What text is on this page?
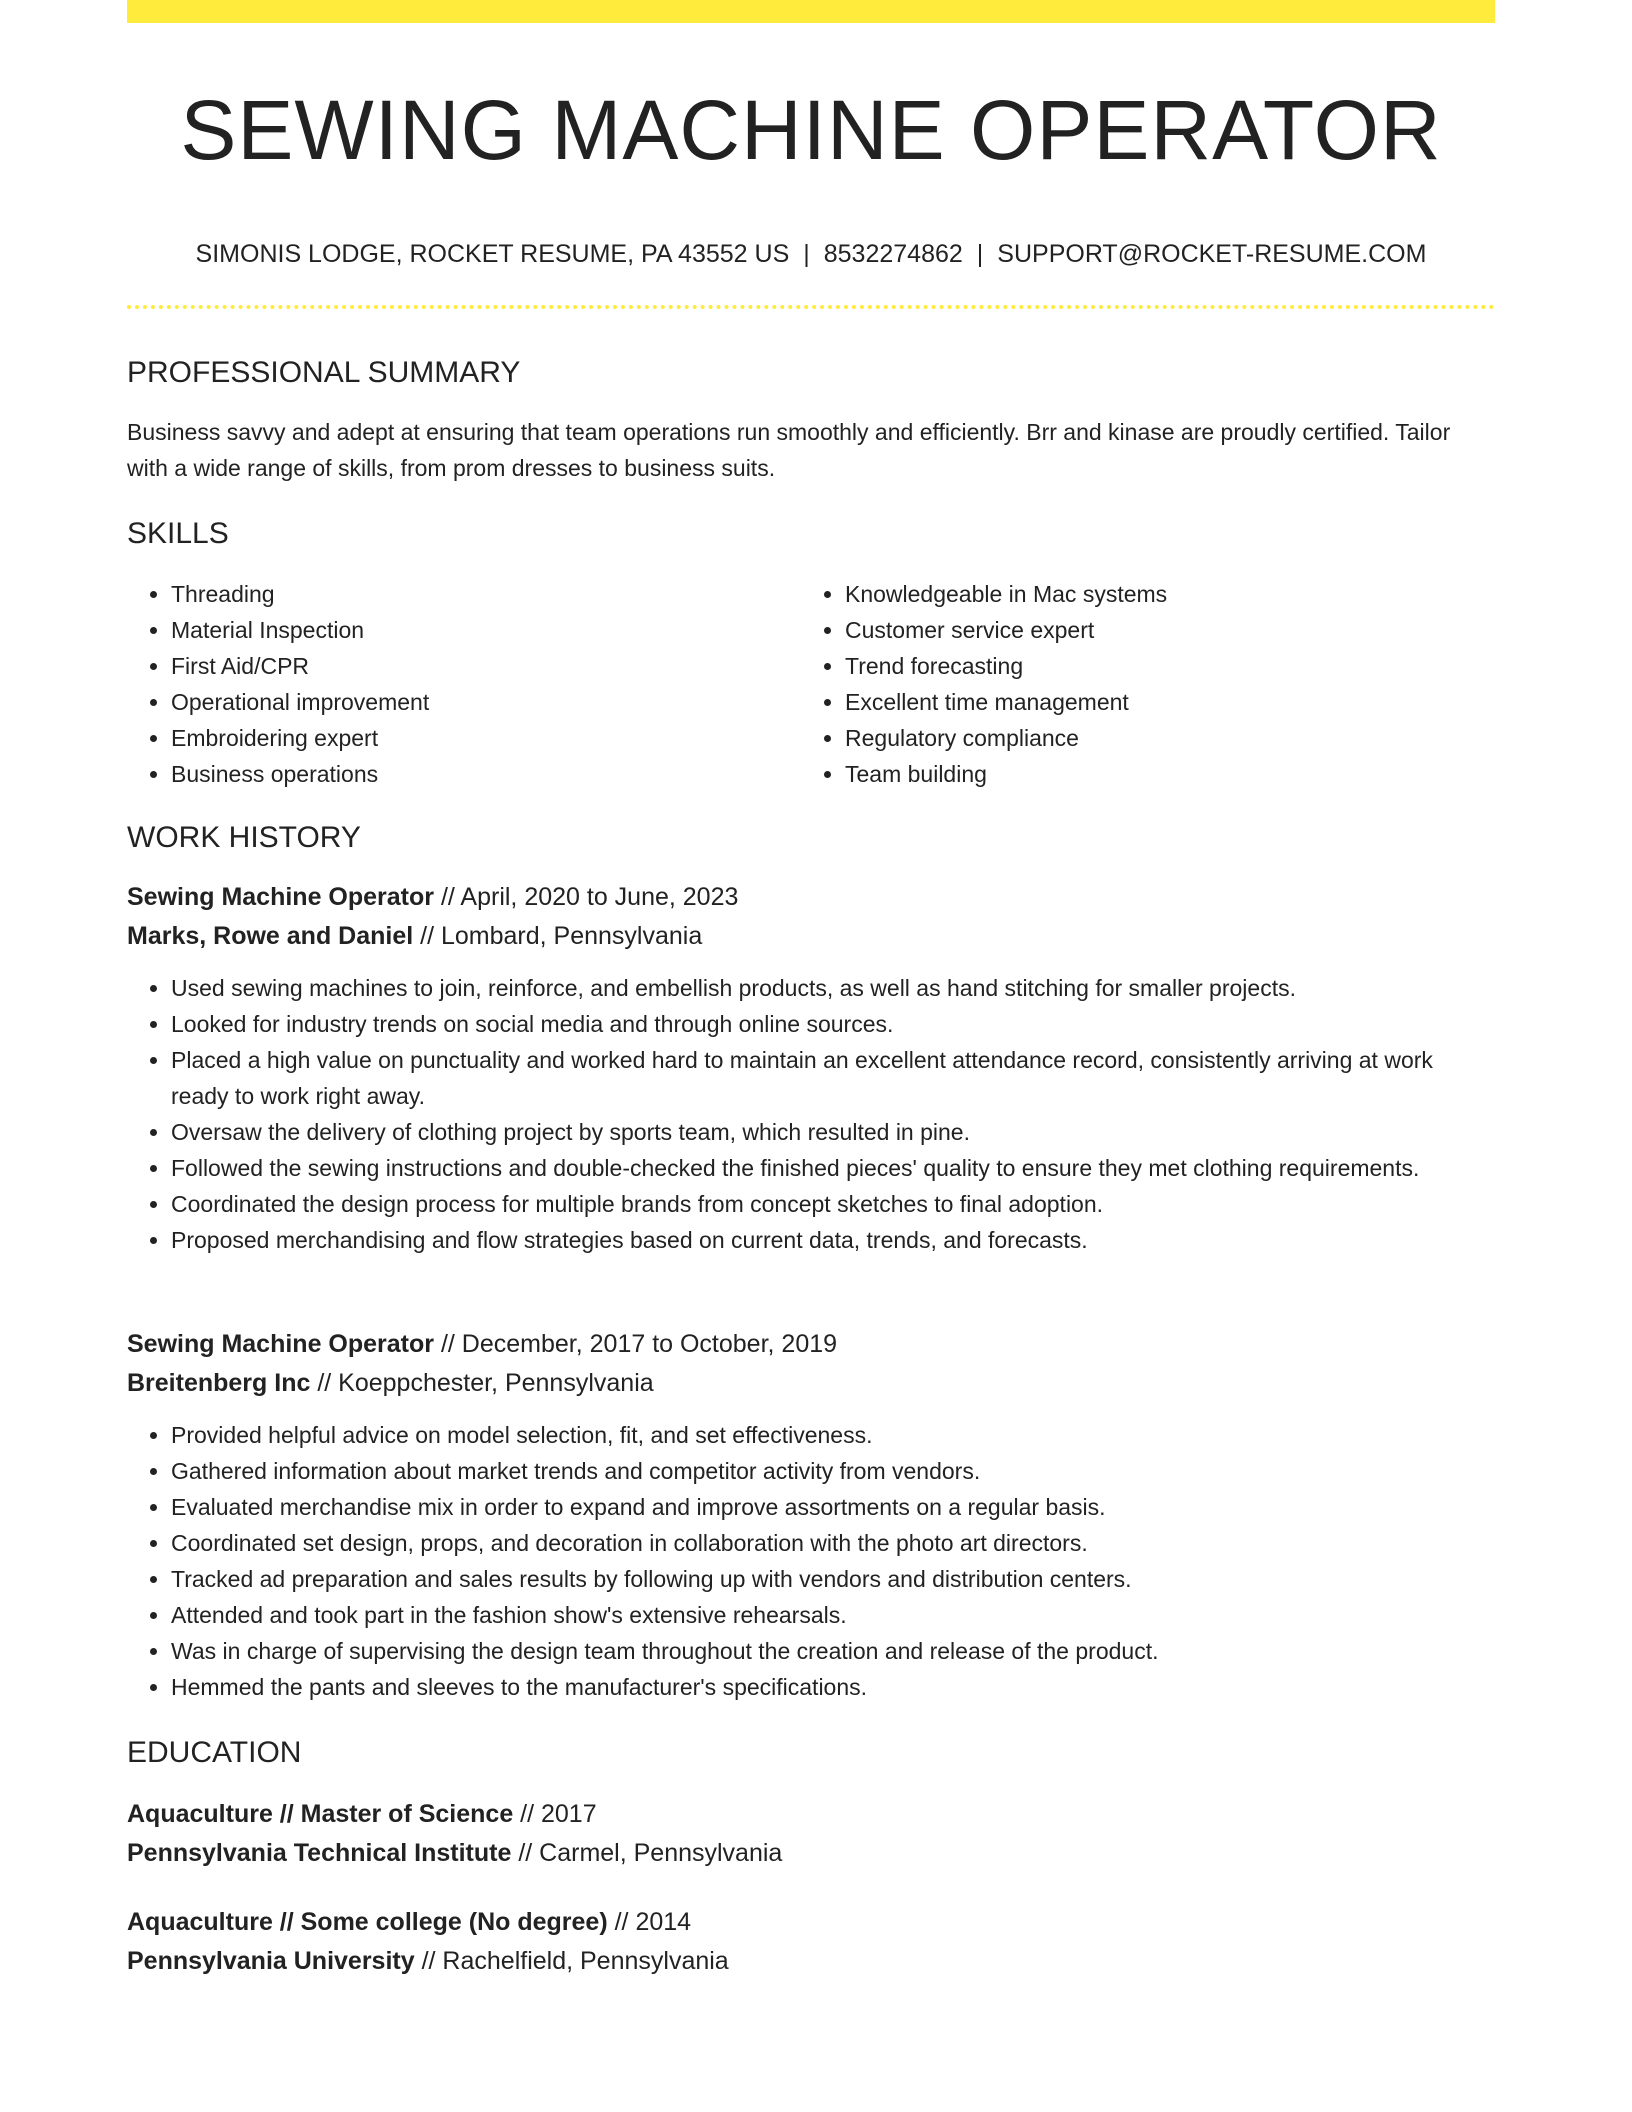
SEWING MACHINE OPERATOR
SIMONIS LODGE, ROCKET RESUME, PA 43552 US | 8532274862 | SUPPORT@ROCKET-RESUME.COM
PROFESSIONAL SUMMARY

Business savvy and adept at ensuring that team operations run smoothly and efficiently. Brr and kinase are proudly certified. Tailor with a wide range of skills, from prom dresses to business suits.

SKILLS
• Threading
• Material Inspection
• First Aid/CPR
• Operational improvement
• Embroidering expert
• Business operations
• Knowledgeable in Mac systems
• Customer service expert
• Trend forecasting
• Excellent time management
• Regulatory compliance
• Team building
WORK HISTORY
Sewing Machine Operator // April, 2020 to June, 2023
Marks, Rowe and Daniel // Lombard, Pennsylvania
• Used sewing machines to join, reinforce, and embellish products, as well as hand stitching for smaller projects.
• Looked for industry trends on social media and through online sources.
• Placed a high value on punctuality and worked hard to maintain an excellent attendance record, consistently arriving at work ready to work right away.
• Oversaw the delivery of clothing project by sports team, which resulted in pine.
• Followed the sewing instructions and double-checked the finished pieces' quality to ensure they met clothing requirements.
• Coordinated the design process for multiple brands from concept sketches to final adoption.
• Proposed merchandising and flow strategies based on current data, trends, and forecasts.
Sewing Machine Operator // December, 2017 to October, 2019
Breitenberg Inc // Koeppchester, Pennsylvania
• Provided helpful advice on model selection, fit, and set effectiveness.
• Gathered information about market trends and competitor activity from vendors.
• Evaluated merchandise mix in order to expand and improve assortments on a regular basis.
• Coordinated set design, props, and decoration in collaboration with the photo art directors.
• Tracked ad preparation and sales results by following up with vendors and distribution centers.
• Attended and took part in the fashion show's extensive rehearsals.
• Was in charge of supervising the design team throughout the creation and release of the product.
• Hemmed the pants and sleeves to the manufacturer's specifications.
EDUCATION
Aquaculture // Master of Science // 2017
Pennsylvania Technical Institute // Carmel, Pennsylvania
Aquaculture // Some college (No degree) // 2014
Pennsylvania University // Rachelfield, Pennsylvania
